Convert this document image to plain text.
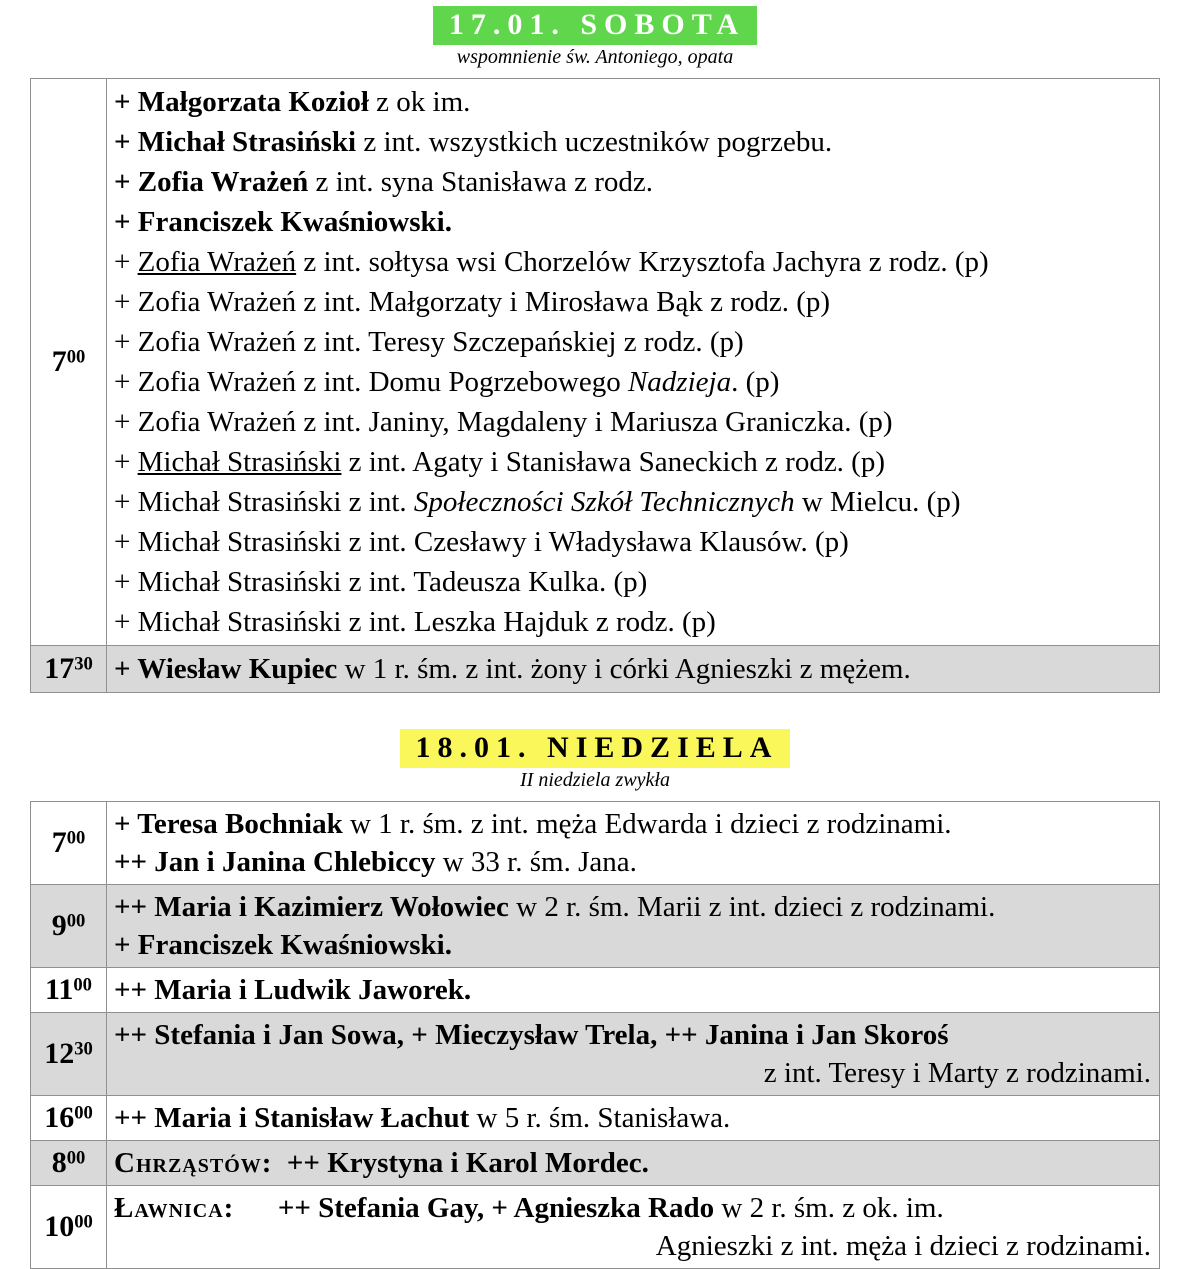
17.01. SOBOTA
wspomnienie św. Antoniego, opata
$7^{00}$	
+ Małgorzata Kozioł z ok im.
+ Michał Strasiński z int. wszystkich uczestników pogrzebu.
+ Zofia Wrażeń z int. syna Stanisława z rodz.
+ Franciszek Kwaśniowski.
+ Zofia Wrażeń z int. sołtysa wsi Chorzelów Krzysztofa Jachyra z rodz. (p)
+ Zofia Wrażeń z int. Małgorzaty i Mirosława Bąk z rodz. (p)
+ Zofia Wrażeń z int. Teresy Szczepańskiej z rodz. (p)
+ Zofia Wrażeń z int. Domu Pogrzebowego Nadzieja. (p)
+ Zofia Wrażeń z int. Janiny, Magdaleny i Mariusza Graniczka. (p)
+ Michał Strasiński z int. Agaty i Stanisława Saneckich z rodz. (p)
+ Michał Strasiński z int. Społeczności Szkół Technicznych w Mielcu. (p)
+ Michał Strasiński z int. Czesławy i Władysława Klausów. (p)
+ Michał Strasiński z int. Tadeusza Kulka. (p)
+ Michał Strasiński z int. Leszka Hajduk z rodz. (p)

$17^{30}$	+ Wiesław Kupiec w 1 r. śm. z int. żony i córki Agnieszki z mężem.
18.01. NIEDZIELA
II niedziela zwykła
$7^{00}$	+ Teresa Bochniak w 1 r. śm. z int. męża Edwarda i dzieci z rodzinami.
++ Jan i Janina Chlebiccy w 33 r. śm. Jana.

$9^{00}$	++ Maria i Kazimierz Wołowiec w 2 r. śm. Marii z int. dzieci z rodzinami.
+ Franciszek Kwaśniowski.

$11^{00}$	++ Maria i Ludwik Jaworek.

$12^{30}$	++ Stefania i Jan Sowa, + Mieczysław Trela, ++ Janina i Jan Skoroś
z int. Teresy i Marty z rodzinami.

$16^{00}$	++ Maria i Stanisław Łachut w 5 r. śm. Stanisława.

$8^{00}$	Chrząstów: ++ Krystyna i Karol Mordec.

$10^{00}$	Ławnica: ++ Stefania Gay, + Agnieszka Rado w 2 r. śm. z ok. im.
Agnieszki z int. męża i dzieci z rodzinami.
